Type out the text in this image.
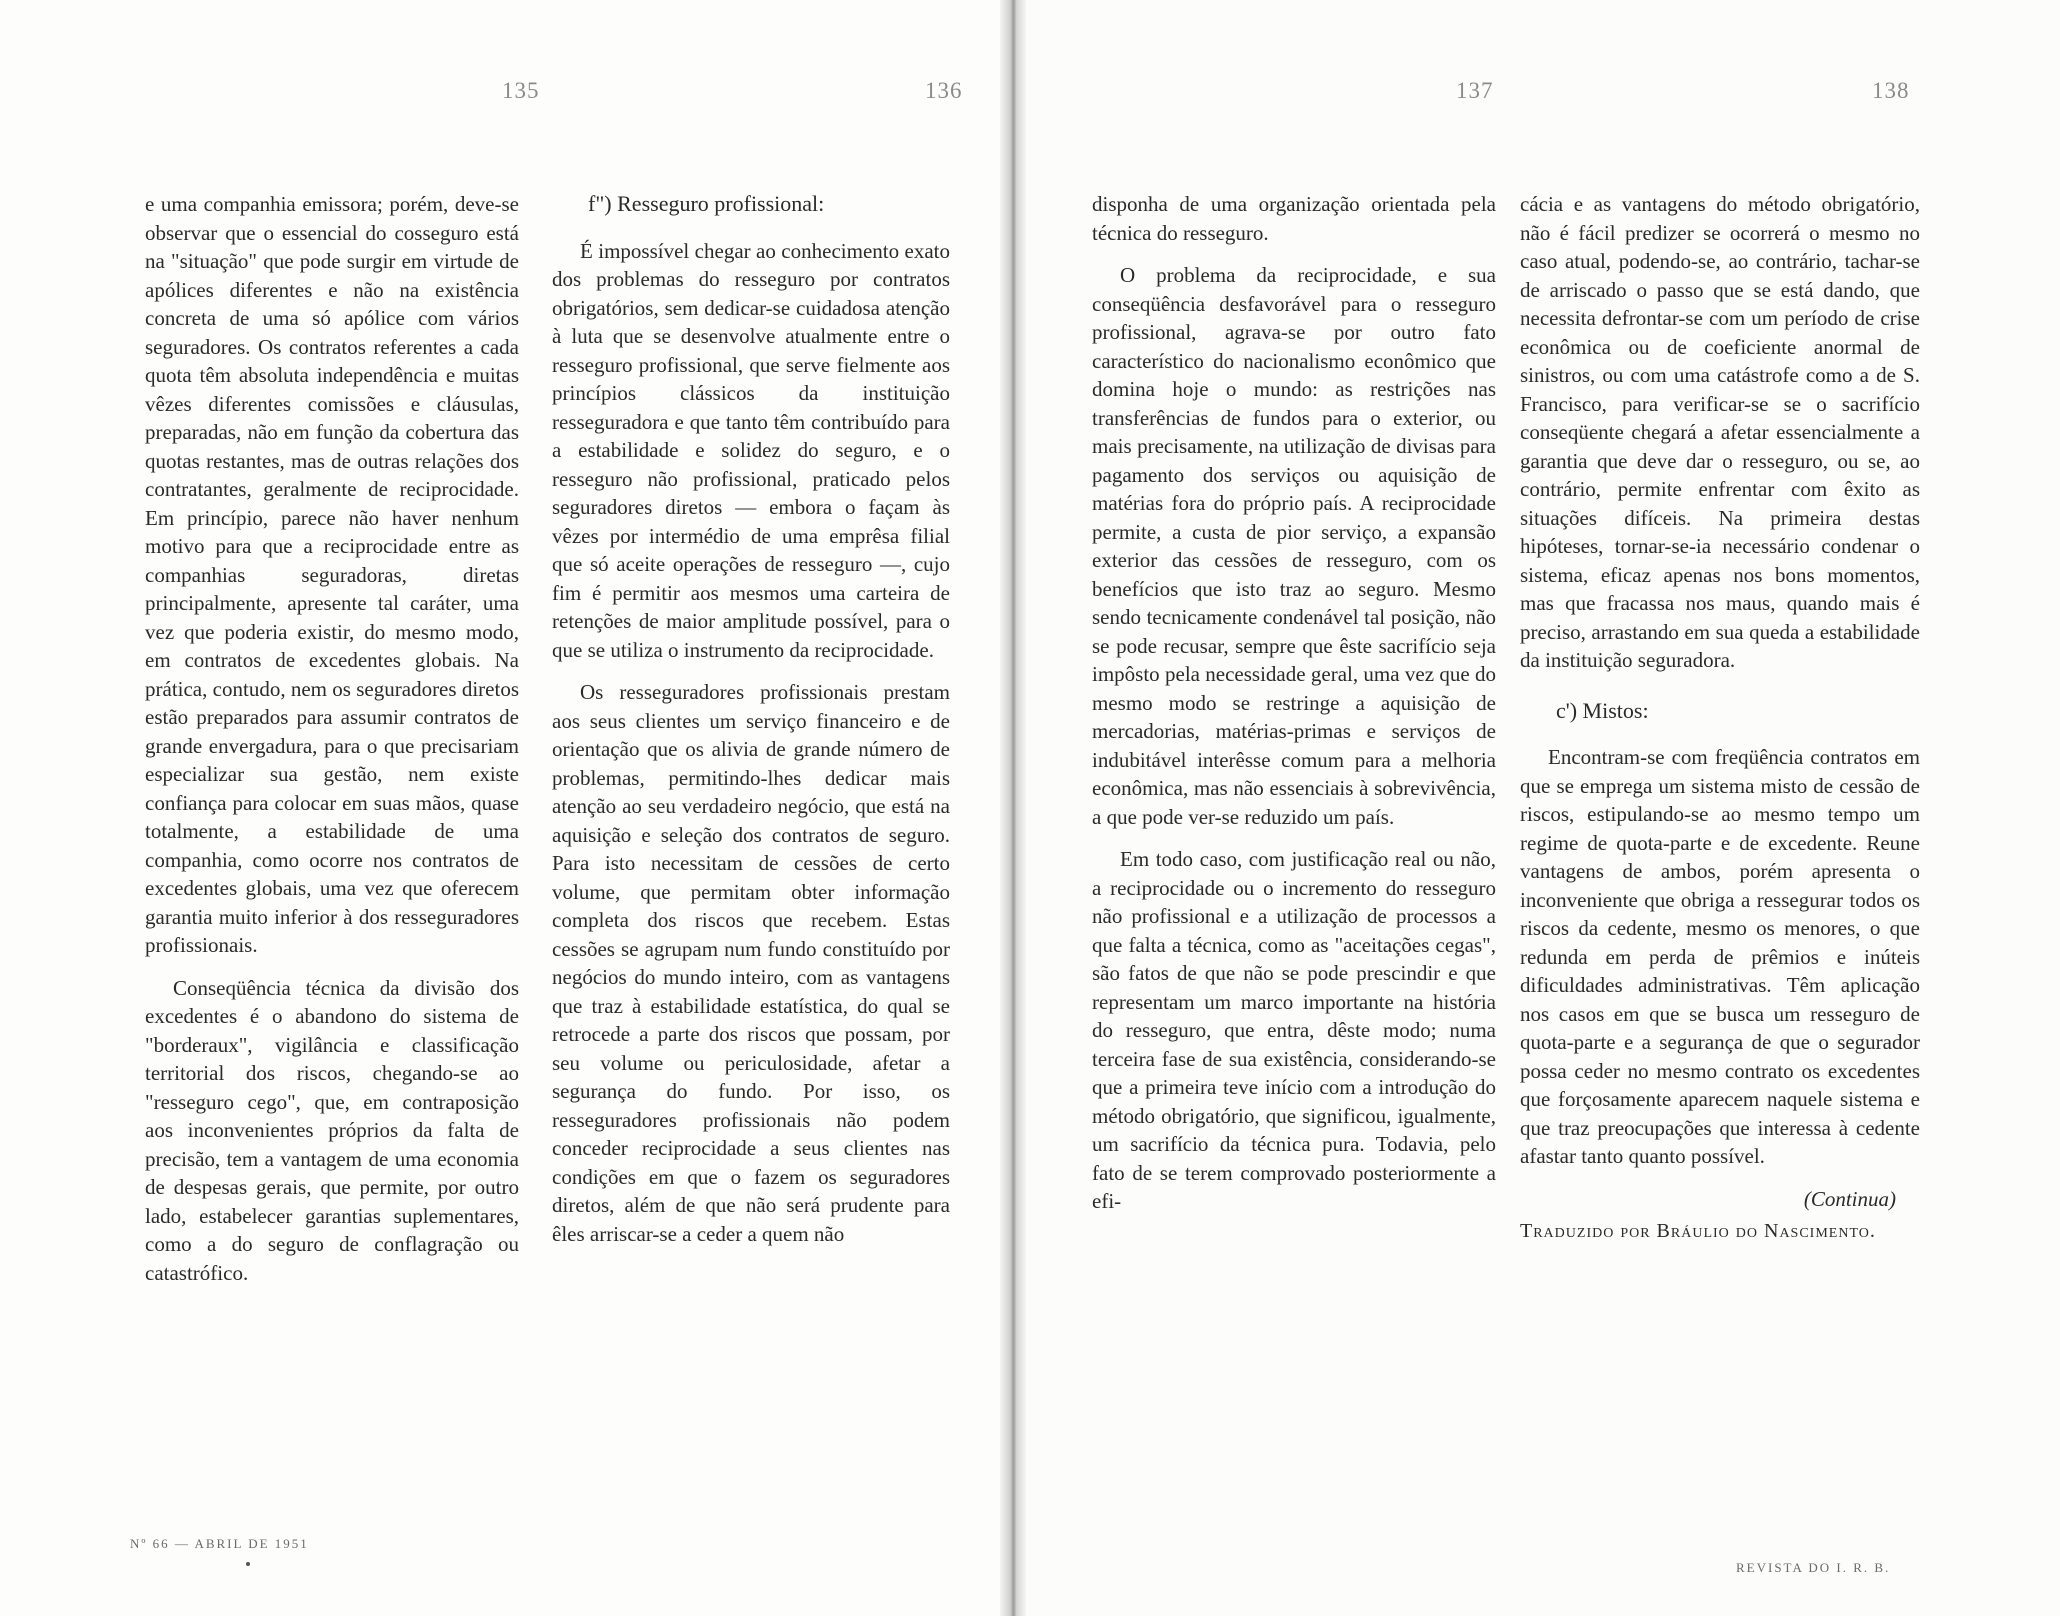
135	136	137	138

e uma companhia emissora; porém, deve-se observar que o essencial do cosseguro está na "situação" que pode surgir em virtude de apólices diferentes e não na existência concreta de uma só apólice com vários seguradores. Os contratos referentes a cada quota têm absoluta independência e muitas vêzes diferentes comissões e cláusulas, preparadas, não em função da cobertura das quotas restantes, mas de outras relações dos contratantes, geralmente de reciprocidade. Em princípio, parece não haver nenhum motivo para que a reciprocidade entre as companhias seguradoras, diretas principalmente, apresente tal caráter, uma vez que poderia existir, do mesmo modo, em contratos de excedentes globais. Na prática, contudo, nem os seguradores diretos estão preparados para assumir contratos de grande envergadura, para o que precisariam especializar sua gestão, nem existe confiança para colocar em suas mãos, quase totalmente, a estabilidade de uma companhia, como ocorre nos contratos de excedentes globais, uma vez que oferecem garantia muito inferior à dos resseguradores profissionais.

Conseqüência técnica da divisão dos excedentes é o abandono do sistema de "borderaux", vigilância e classificação territorial dos riscos, chegando-se ao "resseguro cego", que, em contraposição aos inconvenientes próprios da falta de precisão, tem a vantagem de uma economia de despesas gerais, que permite, por outro lado, estabelecer garantias suplementares, como a do seguro de conflagração ou catastrófico.

f") Resseguro profissional:

É impossível chegar ao conhecimento exato dos problemas do resseguro por contratos obrigatórios, sem dedicar-se cuidadosa atenção à luta que se desenvolve atualmente entre o resseguro profissional, que serve fielmente aos princípios clássicos da instituição resseguradora e que tanto têm contribuído para a estabilidade e solidez do seguro, e o resseguro não profissional, praticado pelos seguradores diretos — embora o façam às vêzes por intermédio de uma emprêsa filial que só aceite operações de resseguro —, cujo fim é permitir aos mesmos uma carteira de retenções de maior amplitude possível, para o que se utiliza o instrumento da reciprocidade.

Os resseguradores profissionais prestam aos seus clientes um serviço financeiro e de orientação que os alivia de grande número de problemas, permitindo-lhes dedicar mais atenção ao seu verdadeiro negócio, que está na aquisição e seleção dos contratos de seguro. Para isto necessitam de cessões de certo volume, que permitam obter informação completa dos riscos que recebem. Estas cessões se agrupam num fundo constituído por negócios do mundo inteiro, com as vantagens que traz à estabilidade estatística, do qual se retrocede a parte dos riscos que possam, por seu volume ou periculosidade, afetar a segurança do fundo. Por isso, os resseguradores profissionais não podem conceder reciprocidade a seus clientes nas condições em que o fazem os seguradores diretos, além de que não será prudente para êles arriscar-se a ceder a quem não

disponha de uma organização orientada pela técnica do resseguro.

O problema da reciprocidade, e sua conseqüência desfavorável para o resseguro profissional, agrava-se por outro fato característico do nacionalismo econômico que domina hoje o mundo: as restrições nas transferências de fundos para o exterior, ou mais precisamente, na utilização de divisas para pagamento dos serviços ou aquisição de matérias fora do próprio país. A reciprocidade permite, a custa de pior serviço, a expansão exterior das cessões de resseguro, com os benefícios que isto traz ao seguro. Mesmo sendo tecnicamente condenável tal posição, não se pode recusar, sempre que êste sacrifício seja impôsto pela necessidade geral, uma vez que do mesmo modo se restringe a aquisição de mercadorias, matérias-primas e serviços de indubitável interêsse comum para a melhoria econômica, mas não essenciais à sobrevivência, a que pode ver-se reduzido um país.

Em todo caso, com justificação real ou não, a reciprocidade ou o incremento do resseguro não profissional e a utilização de processos a que falta a técnica, como as "aceitações cegas", são fatos de que não se pode prescindir e que representam um marco importante na história do resseguro, que entra, dêste modo; numa terceira fase de sua existência, considerando-se que a primeira teve início com a introdução do método obrigatório, que significou, igualmente, um sacrifício da técnica pura. Todavia, pelo fato de se terem comprovado posteriormente a efi-

cácia e as vantagens do método obrigatório, não é fácil predizer se ocorrerá o mesmo no caso atual, podendo-se, ao contrário, tachar-se de arriscado o passo que se está dando, que necessita defrontar-se com um período de crise econômica ou de coeficiente anormal de sinistros, ou com uma catástrofe como a de S. Francisco, para verificar-se se o sacrifício conseqüente chegará a afetar essencialmente a garantia que deve dar o resseguro, ou se, ao contrário, permite enfrentar com êxito as situações difíceis. Na primeira destas hipóteses, tornar-se-ia necessário condenar o sistema, eficaz apenas nos bons momentos, mas que fracassa nos maus, quando mais é preciso, arrastando em sua queda a estabilidade da instituição seguradora.

c') Mistos:

Encontram-se com freqüência contratos em que se emprega um sistema misto de cessão de riscos, estipulando-se ao mesmo tempo um regime de quota-parte e de excedente. Reune vantagens de ambos, porém apresenta o inconveniente que obriga a ressegurar todos os riscos da cedente, mesmo os menores, o que redunda em perda de prêmios e inúteis dificuldades administrativas. Têm aplicação nos casos em que se busca um resseguro de quota-parte e a segurança de que o segurador possa ceder no mesmo contrato os excedentes que forçosamente aparecem naquele sistema e que traz preocupações que interessa à cedente afastar tanto quanto possível.

(Continua)

Traduzido por Bráulio do Nascimento.

Nº 66 — ABRIL DE 1951
REVISTA DO I. R. B.
